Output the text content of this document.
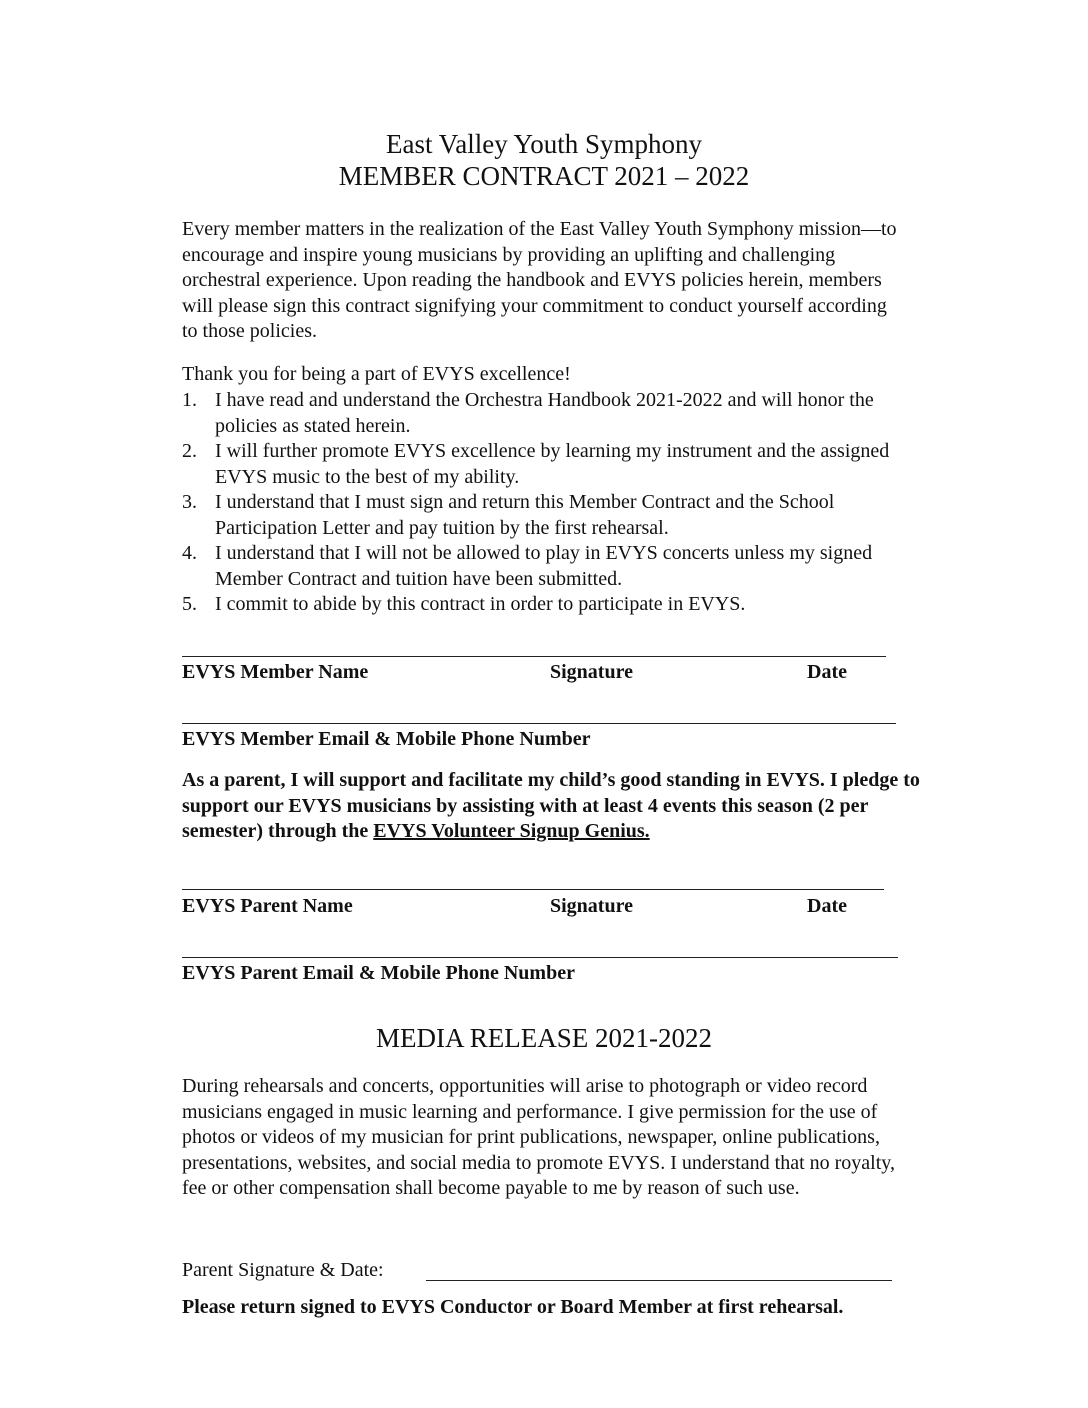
East Valley Youth Symphony
MEMBER CONTRACT 2021 – 2022
Every member matters in the realization of the East Valley Youth Symphony mission—to encourage and inspire young musicians by providing an uplifting and challenging orchestral experience. Upon reading the handbook and EVYS policies herein, members will please sign this contract signifying your commitment to conduct yourself according to those policies.
Thank you for being a part of EVYS excellence!
1. I have read and understand the Orchestra Handbook 2021-2022 and will honor the policies as stated herein.
2. I will further promote EVYS excellence by learning my instrument and the assigned EVYS music to the best of my ability.
3. I understand that I must sign and return this Member Contract and the School Participation Letter and pay tuition by the first rehearsal.
4. I understand that I will not be allowed to play in EVYS concerts unless my signed Member Contract and tuition have been submitted.
5. I commit to abide by this contract in order to participate in EVYS.
EVYS Member Name	Signature	Date
EVYS Member Email & Mobile Phone Number
As a parent, I will support and facilitate my child’s good standing in EVYS. I pledge to support our EVYS musicians by assisting with at least 4 events this season (2 per semester) through the EVYS Volunteer Signup Genius.
EVYS Parent Name	Signature	Date
EVYS Parent Email & Mobile Phone Number
MEDIA RELEASE 2021-2022
During rehearsals and concerts, opportunities will arise to photograph or video record musicians engaged in music learning and performance. I give permission for the use of photos or videos of my musician for print publications, newspaper, online publications, presentations, websites, and social media to promote EVYS. I understand that no royalty, fee or other compensation shall become payable to me by reason of such use.
Parent Signature & Date:
Please return signed to EVYS Conductor or Board Member at first rehearsal.
